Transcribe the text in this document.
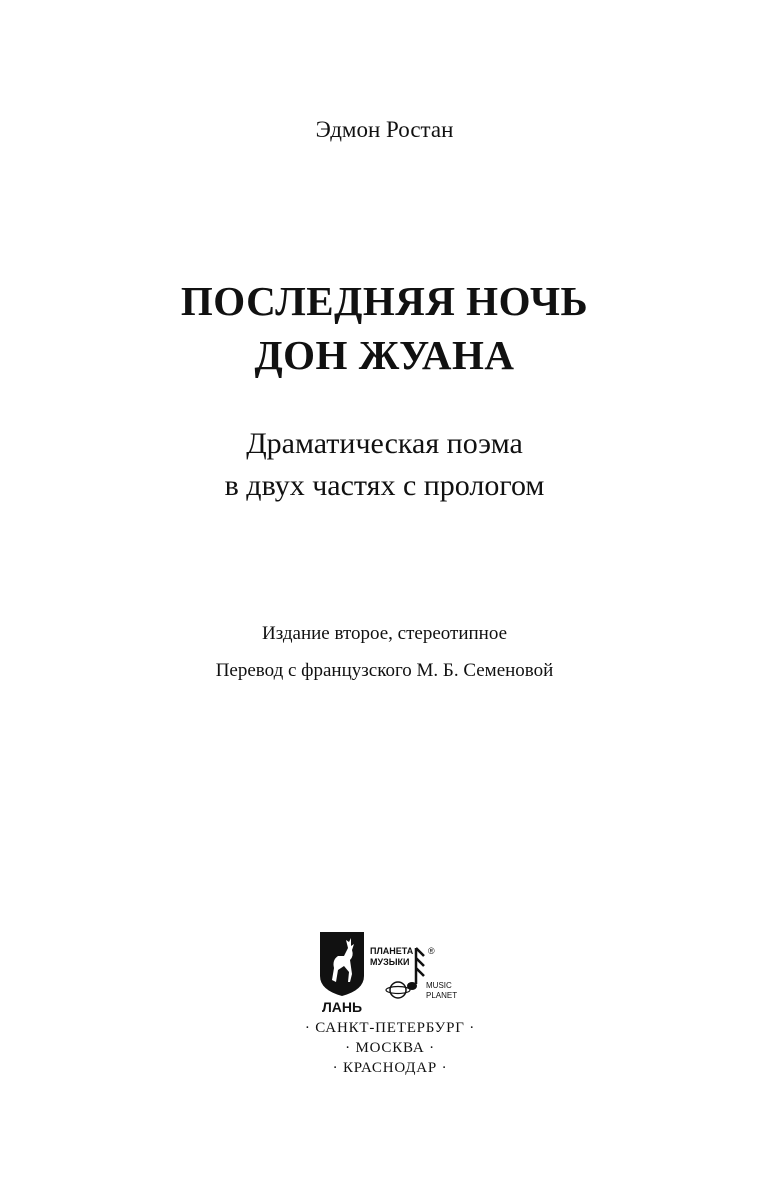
Эдмон Ростан
ПОСЛЕДНЯЯ НОЧЬ
ДОН ЖУАНА
Драматическая поэма
в двух частях с прологом
Издание второе, стереотипное
Перевод с французского М. Б. Семеновой
ЛАНЬ
ПЛАНЕТА
МУЗЫКИ
®
MUSIC
PLANET
· САНКТ-ПЕТЕРБУРГ ·
· МОСКВА ·
· КРАСНОДАР ·
